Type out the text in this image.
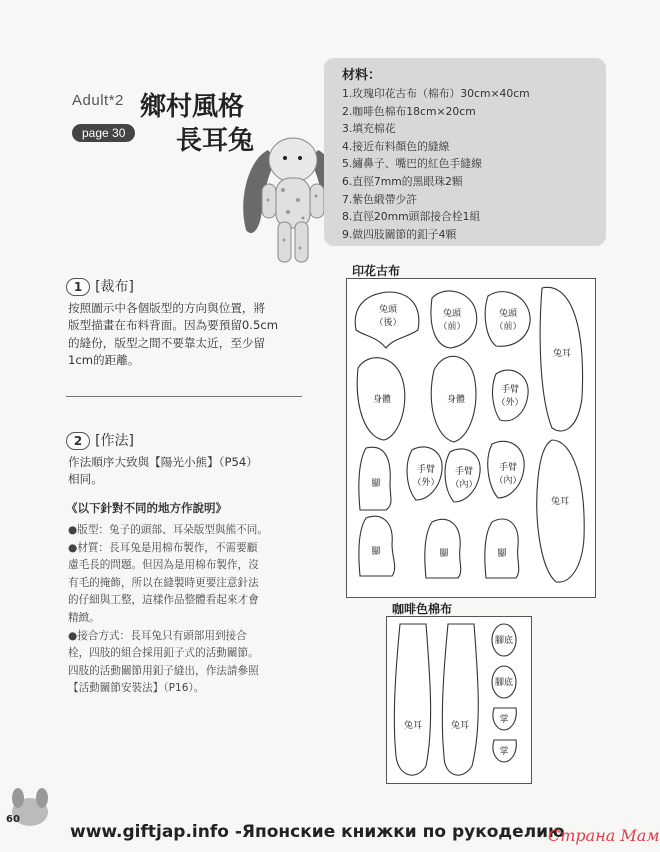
Adult*2 鄉村風格
長耳兔
page 30
材料：
1.玫瑰印花古布（棉布）30cm×40cm
2.咖啡色棉布18cm×20cm
3.填充棉花
4.接近布料顏色的縫線
5.繡鼻子、嘴巴的紅色手縫線
6.直徑7mm的黑眼珠2顆
7.紫色緞帶少許
8.直徑20mm頭部接合栓1組
9.做四肢關節的釦子4顆
1 [裁布]
按照圖示中各個版型的方向與位置，將
版型描畫在布料背面。因為要預留0.5cm
的縫份，版型之間不要靠太近，至少留
1cm的距離。
2 [作法]
作法順序大致與【陽光小熊】（P54）
相同。
《以下針對不同的地方作說明》
●版型：兔子的頭部、耳朵版型與熊不同。
●材質：長耳兔是用棉布製作，不需要顧
慮毛長的問題。但因為是用棉布製作，沒
有毛的掩飾，所以在縫製時更要注意針法
的仔細與工整，這樣作品整體看起來才會
精緻。
●接合方式：長耳兔只有頭部用到接合
栓，四肢的組合採用釦子式的活動關節。
四肢的活動關節用釦子縫出，作法請參照
【活動關節安裝法】（P16）。
印花古布
兔頭
（後）
兔頭
（前）
兔頭
（前）
兔耳
身體	身體
手臂
（外）
腳
手臂
（外）
手臂
（內）
手臂
（內）
兔耳
腳	腳	腳
咖啡色棉布
兔耳	兔耳
腳底
腳底
掌
掌
60
www.giftjap.info -Японские книжки по рукоделию
Страна Мам
